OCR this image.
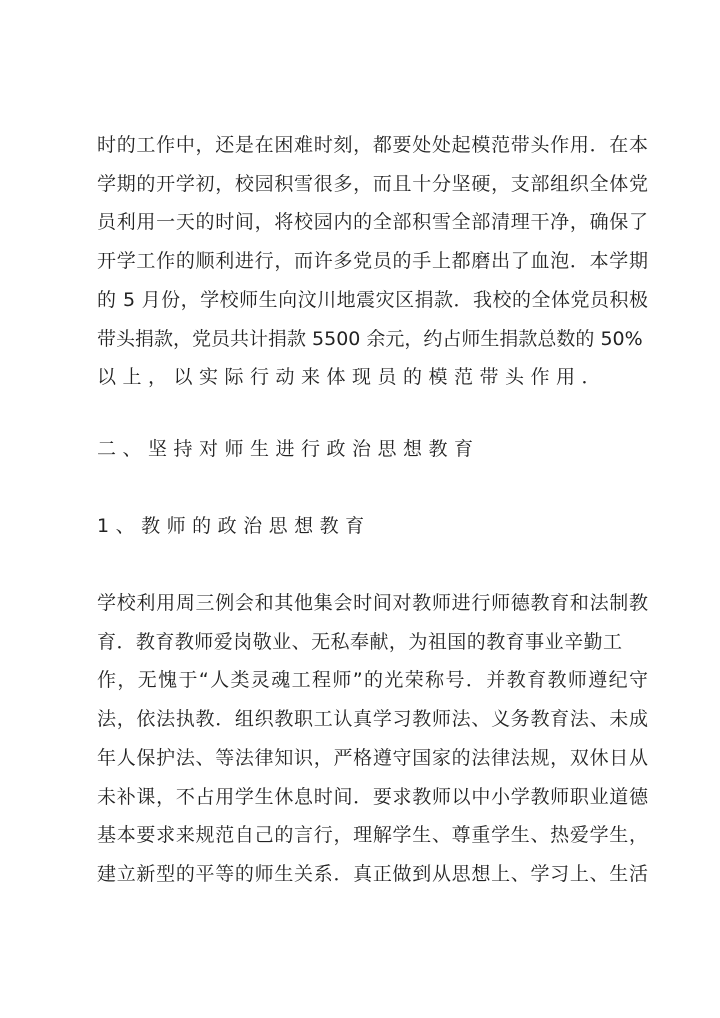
时的工作中，还是在困难时刻，都要处处起模范带头作用．在本
学期的开学初，校园积雪很多，而且十分坚硬，支部组织全体党
员利用一天的时间，将校园内的全部积雪全部清理干净，确保了
开学工作的顺利进行，而许多党员的手上都磨出了血泡．本学期
的 5 月份，学校师生向汶川地震灾区捐款．我校的全体党员积极
带头捐款，党员共计捐款 5500 余元，约占师生捐款总数的 50%
以上，以实际行动来体现员的模范带头作用．
二、坚持对师生进行政治思想教育
1、教师的政治思想教育
学校利用周三例会和其他集会时间对教师进行师德教育和法制教
育．教育教师爱岗敬业、无私奉献，为祖国的教育事业辛勤工
作，无愧于“人类灵魂工程师”的光荣称号．并教育教师遵纪守
法，依法执教．组织教职工认真学习教师法、义务教育法、未成
年人保护法、等法律知识，严格遵守国家的法律法规，双休日从
未补课，不占用学生休息时间．要求教师以中小学教师职业道德
基本要求来规范自己的言行，理解学生、尊重学生、热爱学生，
建立新型的平等的师生关系．真正做到从思想上、学习上、生活
